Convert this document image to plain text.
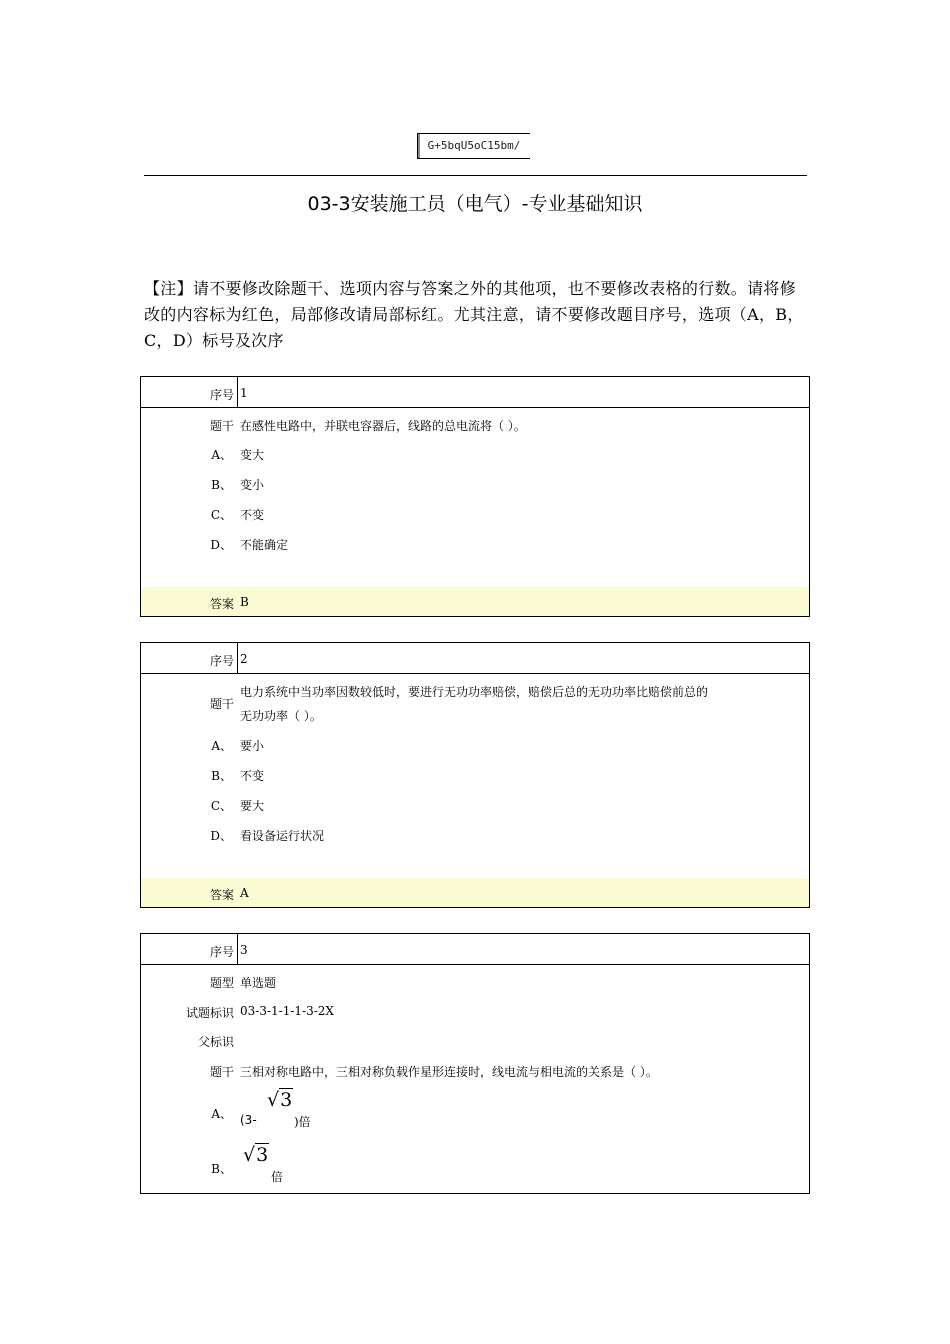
G+5bqU5oC15bm/
03-3安装施工员（电气）-专业基础知识
【注】请不要修改除题干、选项内容与答案之外的其他项，也不要修改表格的行数。请将修改的内容标为红色，局部修改请局部标红。尤其注意，请不要修改题目序号，选项（A，B，C，D）标号及次序
序号 1
题干 在感性电路中，并联电容器后，线路的总电流将（ ）。
A、 变大
B、 变小
C、 不变
D、 不能确定
答案 B
序号 2
题干
电力系统中当功率因数较低时，要进行无功功率赔偿，赔偿后总的无功功率比赔偿前总的
无功功率（ ）。
A、 要小
B、 不变
C、 要大
D、 看设备运行状况
答案 A
序号 3
题型 单选题
试题标识 03-3-1-1-1-3-2X
父标识
题干 三相对称电路中，三相对称负载作星形连接时，线电流与相电流的关系是（ ）。
A、 (3-
√3
)倍
B、
√3
倍
